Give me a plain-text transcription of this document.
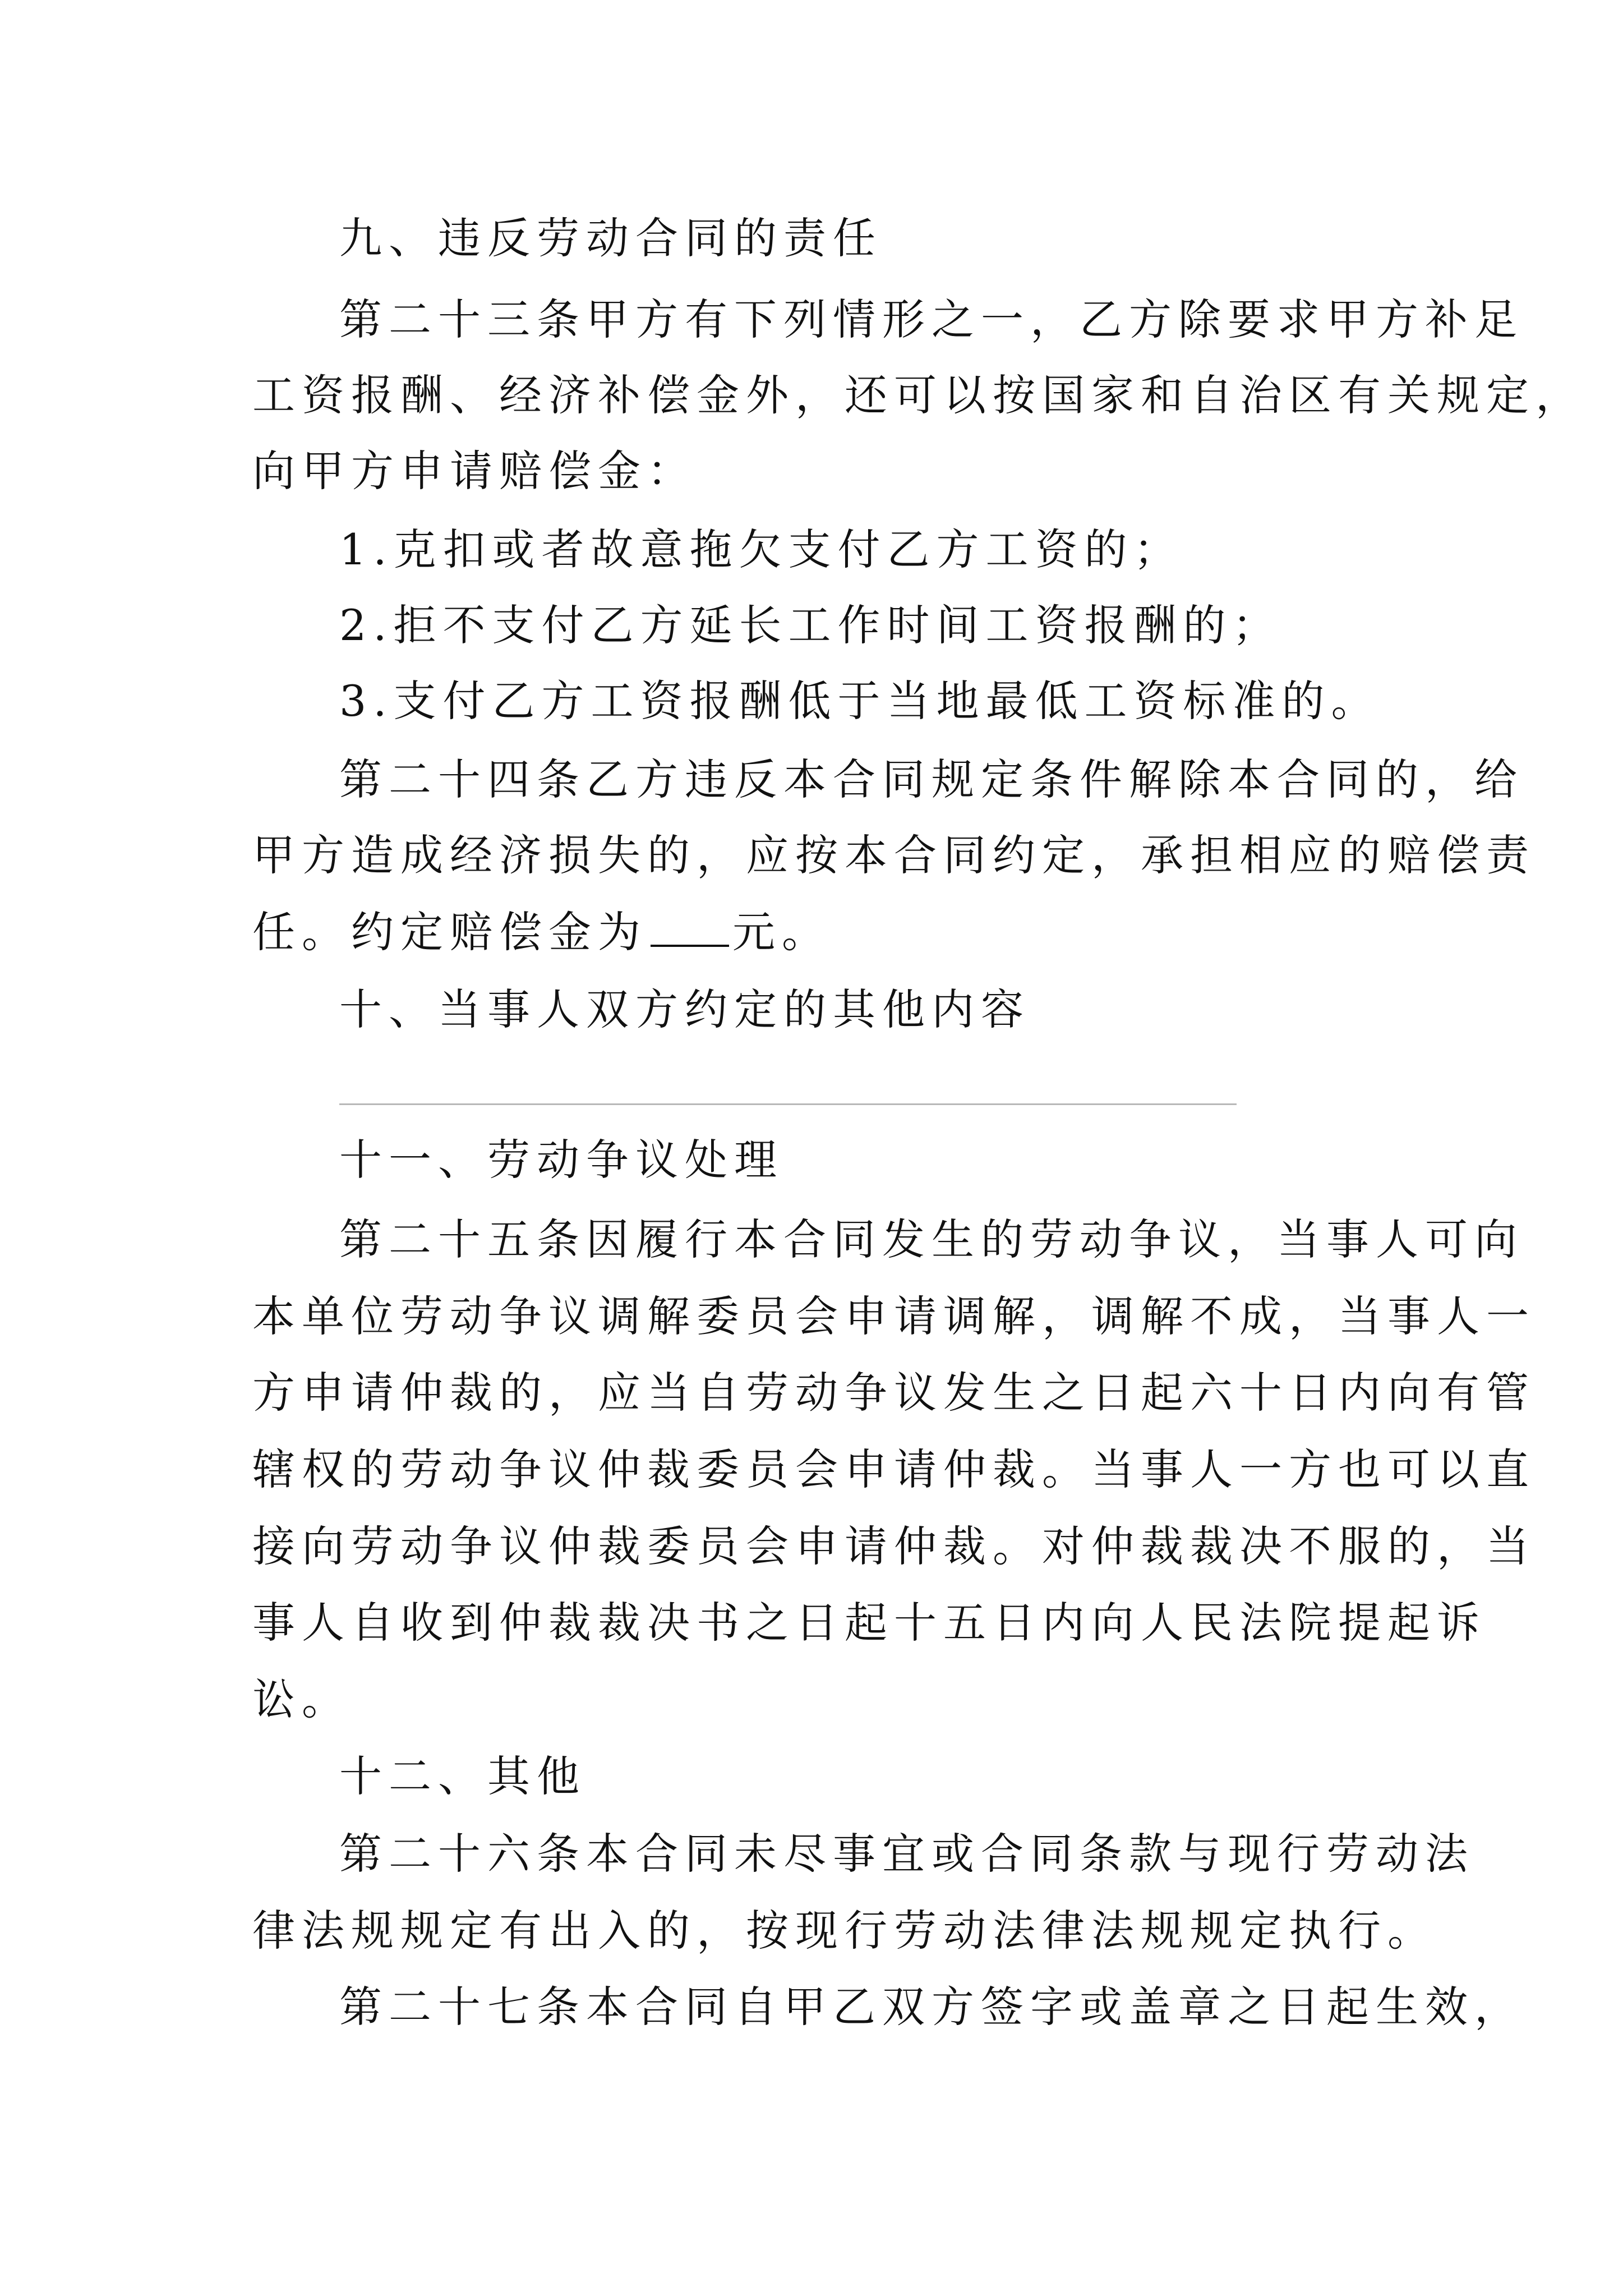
九、违反劳动合同的责任

第二十三条甲方有下列情形之一，乙方除要求甲方补足

工资报酬、经济补偿金外，还可以按国家和自治区有关规定，

向甲方申请赔偿金：

1.克扣或者故意拖欠支付乙方工资的；

2.拒不支付乙方延长工作时间工资报酬的；

3.支付乙方工资报酬低于当地最低工资标准的。

第二十四条乙方违反本合同规定条件解除本合同的，给

甲方造成经济损失的，应按本合同约定，承担相应的赔偿责

任。约定赔偿金为 元。

十、当事人双方约定的其他内容

十一、劳动争议处理

第二十五条因履行本合同发生的劳动争议，当事人可向

本单位劳动争议调解委员会申请调解，调解不成，当事人一

方申请仲裁的，应当自劳动争议发生之日起六十日内向有管

辖权的劳动争议仲裁委员会申请仲裁。当事人一方也可以直

接向劳动争议仲裁委员会申请仲裁。对仲裁裁决不服的，当

事人自收到仲裁裁决书之日起十五日内向人民法院提起诉

讼。

十二、其他

第二十六条本合同未尽事宜或合同条款与现行劳动法

律法规规定有出入的，按现行劳动法律法规规定执行。

第二十七条本合同自甲乙双方签字或盖章之日起生效，
